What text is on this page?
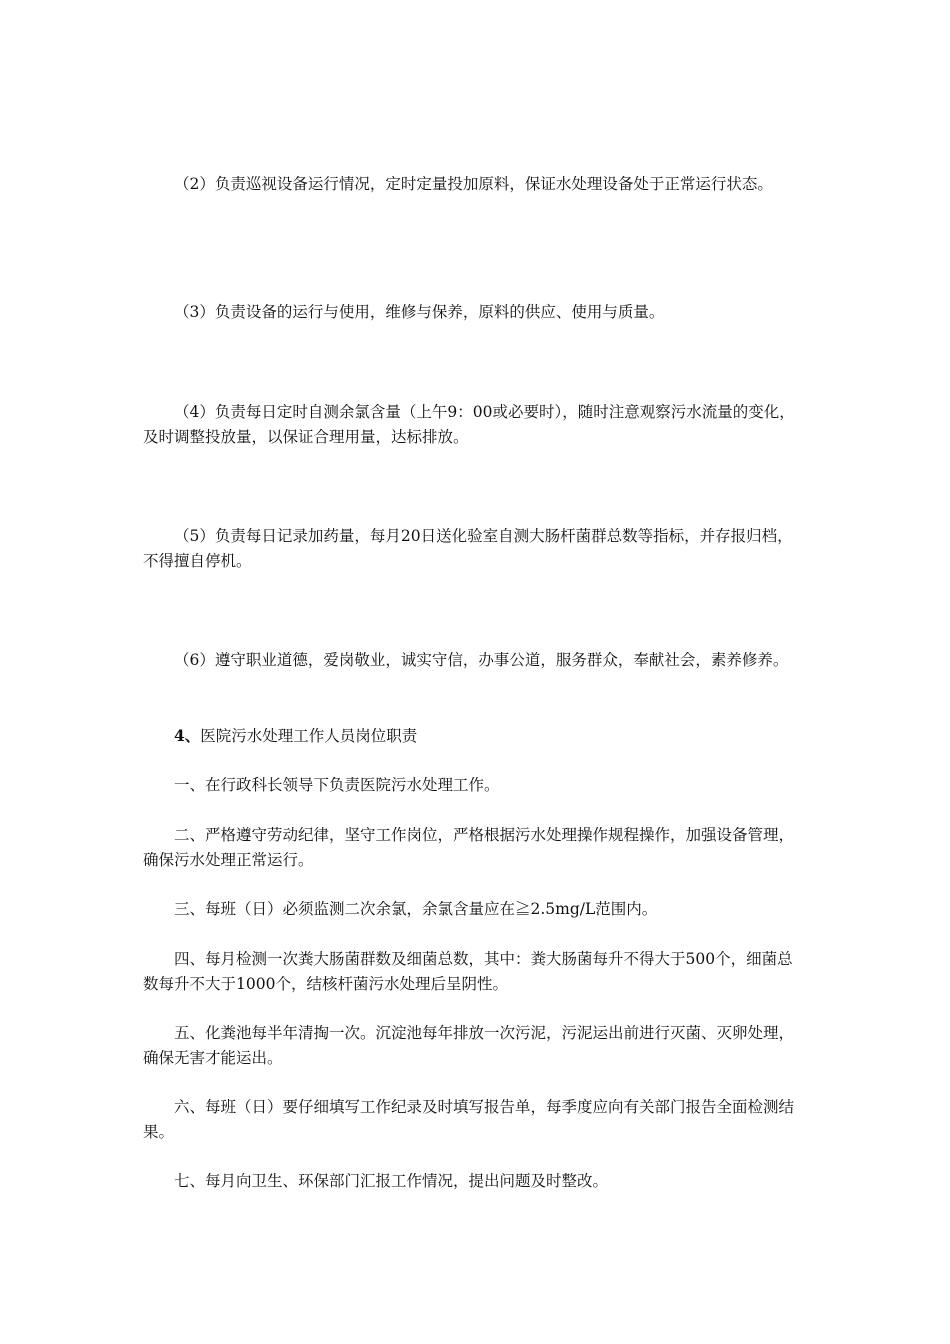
（2）负责巡视设备运行情况，定时定量投加原料，保证水处理设备处于正常运行状态。

（3）负责设备的运行与使用，维修与保养，原料的供应、使用与质量。

（4）负责每日定时自测余氯含量（上午9：00或必要时），随时注意观察污水流量的变化，及时调整投放量，以保证合理用量，达标排放。

（5）负责每日记录加药量，每月20日送化验室自测大肠杆菌群总数等指标，并存报归档，不得擅自停机。

（6）遵守职业道德，爱岗敬业，诚实守信，办事公道，服务群众，奉献社会，素养修养。

4、医院污水处理工作人员岗位职责

一、在行政科长领导下负责医院污水处理工作。

二、严格遵守劳动纪律，坚守工作岗位，严格根据污水处理操作规程操作，加强设备管理，确保污水处理正常运行。

三、每班（日）必须监测二次余氯，余氯含量应在≧2.5mg/L范围内。

四、每月检测一次粪大肠菌群数及细菌总数，其中：粪大肠菌每升不得大于500个，细菌总数每升不大于1000个，结核杆菌污水处理后呈阴性。

五、化粪池每半年清掏一次。沉淀池每年排放一次污泥，污泥运出前进行灭菌、灭卵处理，确保无害才能运出。

六、每班（日）要仔细填写工作纪录及时填写报告单，每季度应向有关部门报告全面检测结果。

七、每月向卫生、环保部门汇报工作情况，提出问题及时整改。
